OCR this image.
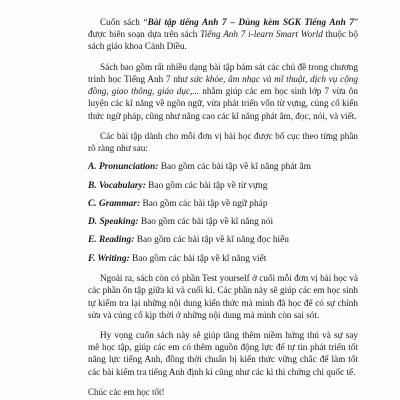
Cuốn sách “Bài tập tiếng Anh 7 – Dùng kèm SGK Tiếng Anh 7” được biên soạn dựa trên sách Tiếng Anh 7 i-learn Smart World thuộc bộ sách giáo khoa Cánh Diều.

Sách bao gồm rất nhiều dạng bài tập bám sát các chủ đề trong chương trình học Tiếng Anh 7 như sức khỏe, âm nhạc và mĩ thuật, dịch vụ cộng đồng, giao thông, giáo dục,... nhằm giúp các em học sinh lớp 7 vừa ôn luyện các kĩ năng về ngôn ngữ, vừa phát triển vốn từ vựng, củng cố kiến thức ngữ pháp, cũng như nâng cao các kĩ năng phát âm, đọc, nói, và viết.

Các bài tập dành cho mỗi đơn vị bài học được bố cục theo từng phần rõ ràng như sau:

A. Pronunciation: Bao gồm các bài tập về kĩ năng phát âm
B. Vocabulary: Bao gồm các bài tập về từ vựng
C. Grammar: Bao gồm các bài tập về ngữ pháp
D. Speaking: Bao gồm các bài tập về kĩ năng nói
E. Reading: Bao gồm các bài tập về kĩ năng đọc hiểu
F. Writing: Bao gồm các bài tập về kĩ năng viết

Ngoài ra, sách còn có phần Test yourself ở cuối mỗi đơn vị bài học và các phần ôn tập giữa kì và cuối kì. Các phần này sẽ giúp các em học sinh tự kiểm tra lại những nội dung kiến thức mà mình đã học để có sự chỉnh sửa và củng cố kịp thời ở những nội dung mà mình còn sai sót.

Hy vọng cuốn sách này sẽ giúp tăng thêm niềm hứng thú và sự say mê học tập, giúp các em có thêm nguồn động lực để tự tin phát triển tốt năng lực tiếng Anh, đồng thời chuẩn bị kiến thức vững chắc để làm tốt các bài kiểm tra tiếng Anh định kì cũng như các kì thi chứng chỉ quốc tế.

Chúc các em học tốt!
